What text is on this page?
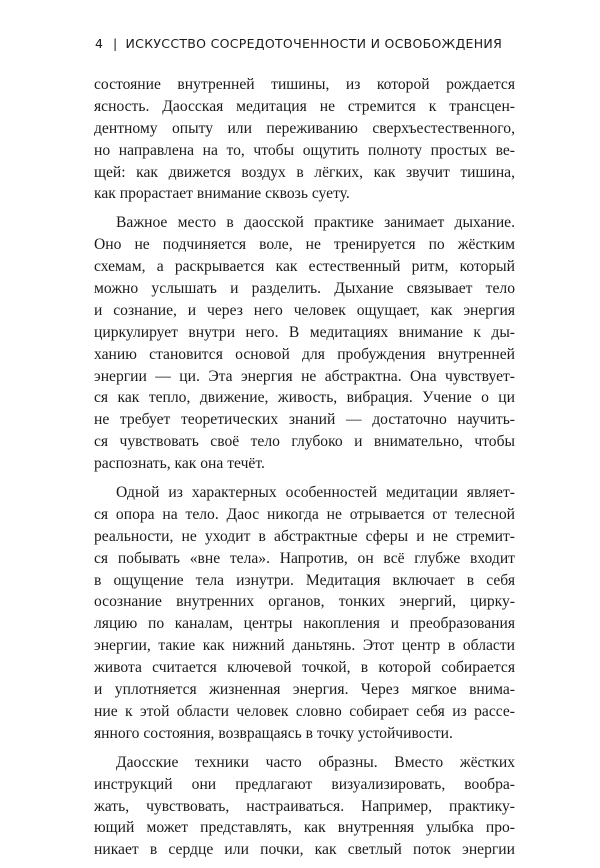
4 | ИСКУССТВО СОСРЕДОТОЧЕННОСТИ И ОСВОБОЖДЕНИЯ
состояние внутренней тишины, из которой рождается
ясность. Даосская медитация не стремится к трансцен-
дентному опыту или переживанию сверхъестественного,
но направлена на то, чтобы ощутить полноту простых ве-
щей: как движется воздух в лёгких, как звучит тишина,
как прорастает внимание сквозь суету.
Важное место в даосской практике занимает дыхание.
Оно не подчиняется воле, не тренируется по жёстким
схемам, а раскрывается как естественный ритм, который
можно услышать и разделить. Дыхание связывает тело
и сознание, и через него человек ощущает, как энергия
циркулирует внутри него. В медитациях внимание к ды-
ханию становится основой для пробуждения внутренней
энергии — ци. Эта энергия не абстрактна. Она чувствует-
ся как тепло, движение, живость, вибрация. Учение о ци
не требует теоретических знаний — достаточно научить-
ся чувствовать своё тело глубоко и внимательно, чтобы
распознать, как она течёт.
Одной из характерных особенностей медитации являет-
ся опора на тело. Даос никогда не отрывается от телесной
реальности, не уходит в абстрактные сферы и не стремит-
ся побывать «вне тела». Напротив, он всё глубже входит
в ощущение тела изнутри. Медитация включает в себя
осознание внутренних органов, тонких энергий, цирку-
ляцию по каналам, центры накопления и преобразования
энергии, такие как нижний даньтянь. Этот центр в области
живота считается ключевой точкой, в которой собирается
и уплотняется жизненная энергия. Через мягкое внима-
ние к этой области человек словно собирает себя из рассе-
янного состояния, возвращаясь в точку устойчивости.
Даосские техники часто образны. Вместо жёстких
инструкций они предлагают визуализировать, вообра-
жать, чувствовать, настраиваться. Например, практику-
ющий может представлять, как внутренняя улыбка про-
никает в сердце или почки, как светлый поток энергии
